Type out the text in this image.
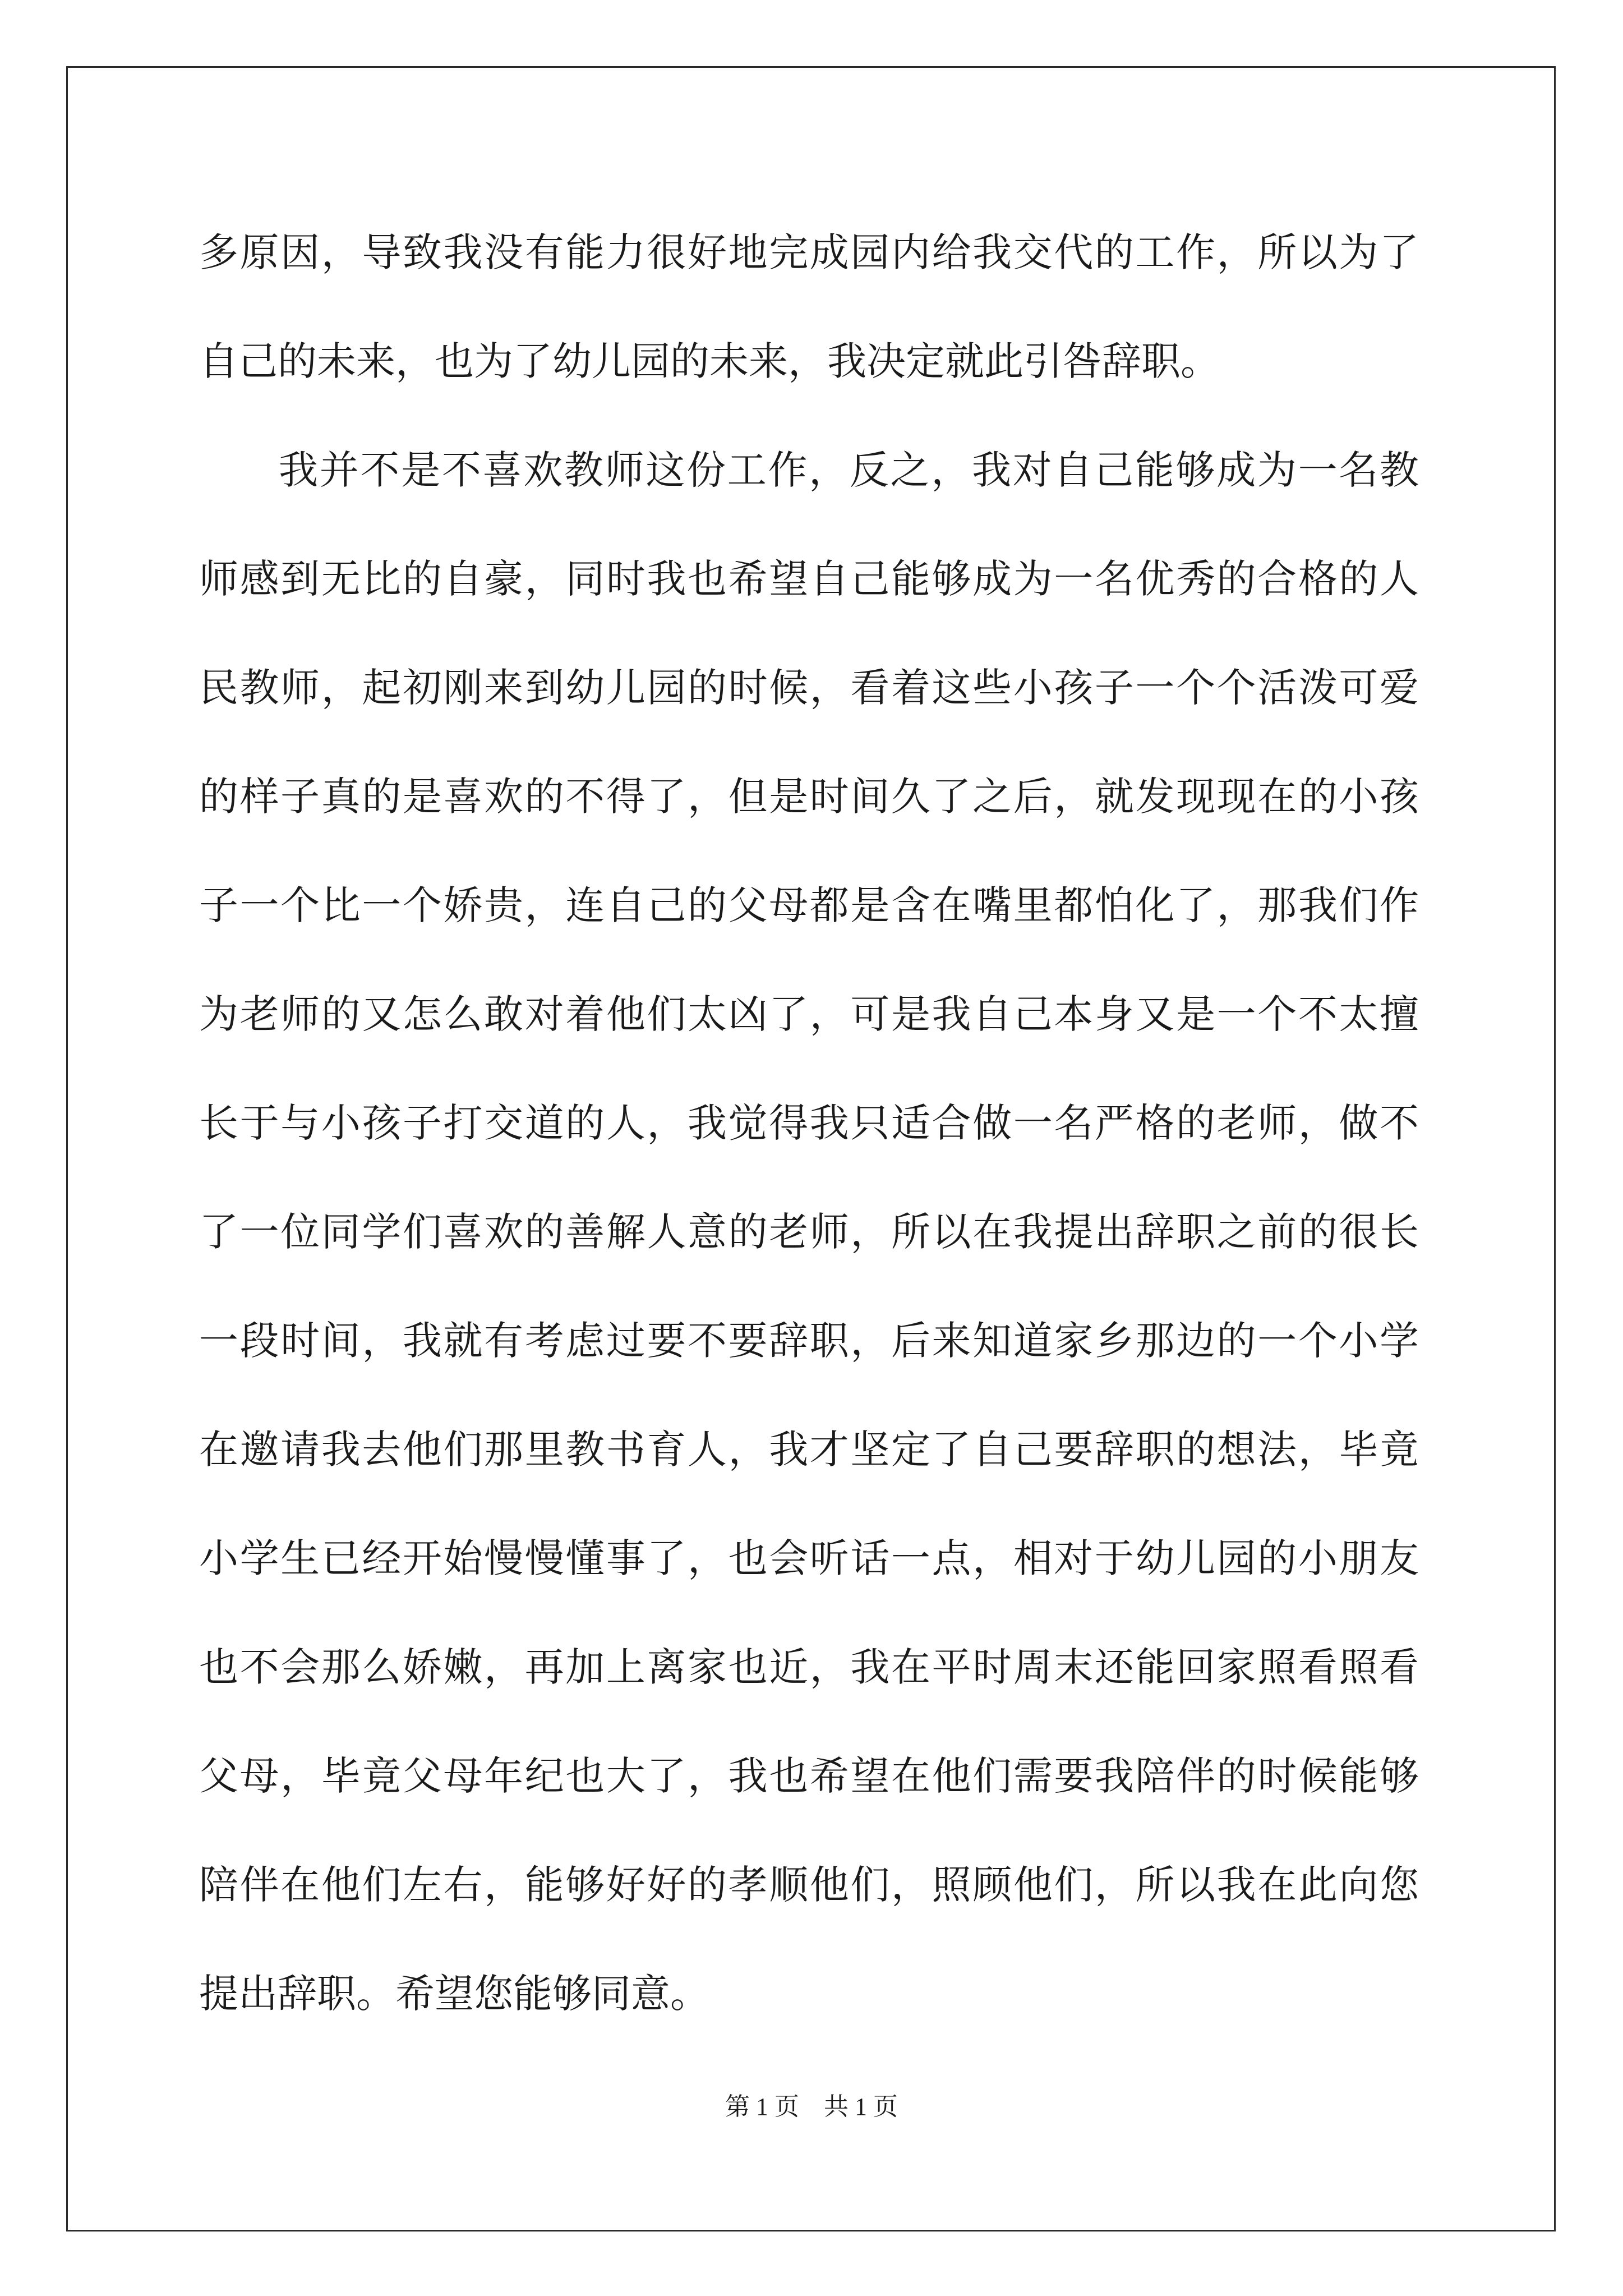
多原因，导致我没有能力很好地完成园内给我交代的工作，所以为了
自己的未来，也为了幼儿园的未来，我决定就此引咎辞职。
我并不是不喜欢教师这份工作，反之，我对自己能够成为一名教
师感到无比的自豪，同时我也希望自己能够成为一名优秀的合格的人
民教师，起初刚来到幼儿园的时候，看着这些小孩子一个个活泼可爱
的样子真的是喜欢的不得了，但是时间久了之后，就发现现在的小孩
子一个比一个娇贵，连自己的父母都是含在嘴里都怕化了，那我们作
为老师的又怎么敢对着他们太凶了，可是我自己本身又是一个不太擅
长于与小孩子打交道的人，我觉得我只适合做一名严格的老师，做不
了一位同学们喜欢的善解人意的老师，所以在我提出辞职之前的很长
一段时间，我就有考虑过要不要辞职，后来知道家乡那边的一个小学
在邀请我去他们那里教书育人，我才坚定了自己要辞职的想法，毕竟
小学生已经开始慢慢懂事了，也会听话一点，相对于幼儿园的小朋友
也不会那么娇嫩，再加上离家也近，我在平时周末还能回家照看照看
父母，毕竟父母年纪也大了，我也希望在他们需要我陪伴的时候能够
陪伴在他们左右，能够好好的孝顺他们，照顾他们，所以我在此向您
提出辞职。希望您能够同意。
第 1 页 共 1 页
